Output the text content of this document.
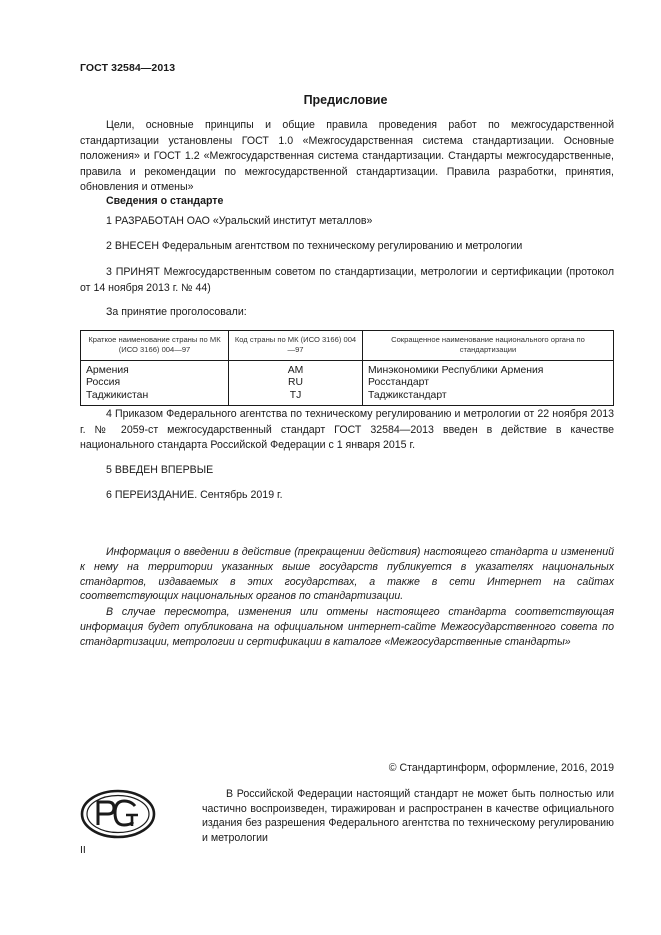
ГОСТ 32584—2013
Предисловие

Цели, основные принципы и общие правила проведения работ по межгосударственной стандартизации установлены ГОСТ 1.0 «Межгосударственная система стандартизации. Основные положения» и ГОСТ 1.2 «Межгосударственная система стандартизации. Стандарты межгосударственные, правила и рекомендации по межгосударственной стандартизации. Правила разработки, принятия, обновления и отмены»

Сведения о стандарте
1 РАЗРАБОТАН ОАО «Уральский институт металлов»
2 ВНЕСЕН Федеральным агентством по техническому регулированию и метрологии

3 ПРИНЯТ Межгосударственным советом по стандартизации, метрологии и сертификации (протокол от 14 ноября 2013 г. № 44)

За принятие проголосовали:
Краткое наименование страны по МК (ИСО 3166) 004—97	Код страны по МК (ИСО 3166) 004—97	Сокращенное наименование национального органа по стандартизации
Армения	AM	Минэкономики Республики Армения
Россия	RU	Росстандарт
Таджикистан	TJ	Таджикстандарт

4 Приказом Федерального агентства по техническому регулированию и метрологии от 22 ноября 2013 г. № 2059-ст межгосударственный стандарт ГОСТ 32584—2013 введен в действие в качестве национального стандарта Российской Федерации с 1 января 2015 г.

5 ВВЕДЕН ВПЕРВЫЕ
6 ПЕРЕИЗДАНИЕ. Сентябрь 2019 г.

Информация о введении в действие (прекращении действия) настоящего стандарта и изменений к нему на территории указанных выше государств публикуется в указателях национальных стандартов, издаваемых в этих государствах, а также в сети Интернет на сайтах соответствующих национальных органов по стандартизации.

В случае пересмотра, изменения или отмены настоящего стандарта соответствующая информация будет опубликована на официальном интернет-сайте Межгосударственного совета по стандартизации, метрологии и сертификации в каталоге «Межгосударственные стандарты»

© Стандартинформ, оформление, 2016, 2019

В Российской Федерации настоящий стандарт не может быть полностью или частично воспроизведен, тиражирован и распространен в качестве официального издания без разрешения Федерального агентства по техническому регулированию и метрологии

II
